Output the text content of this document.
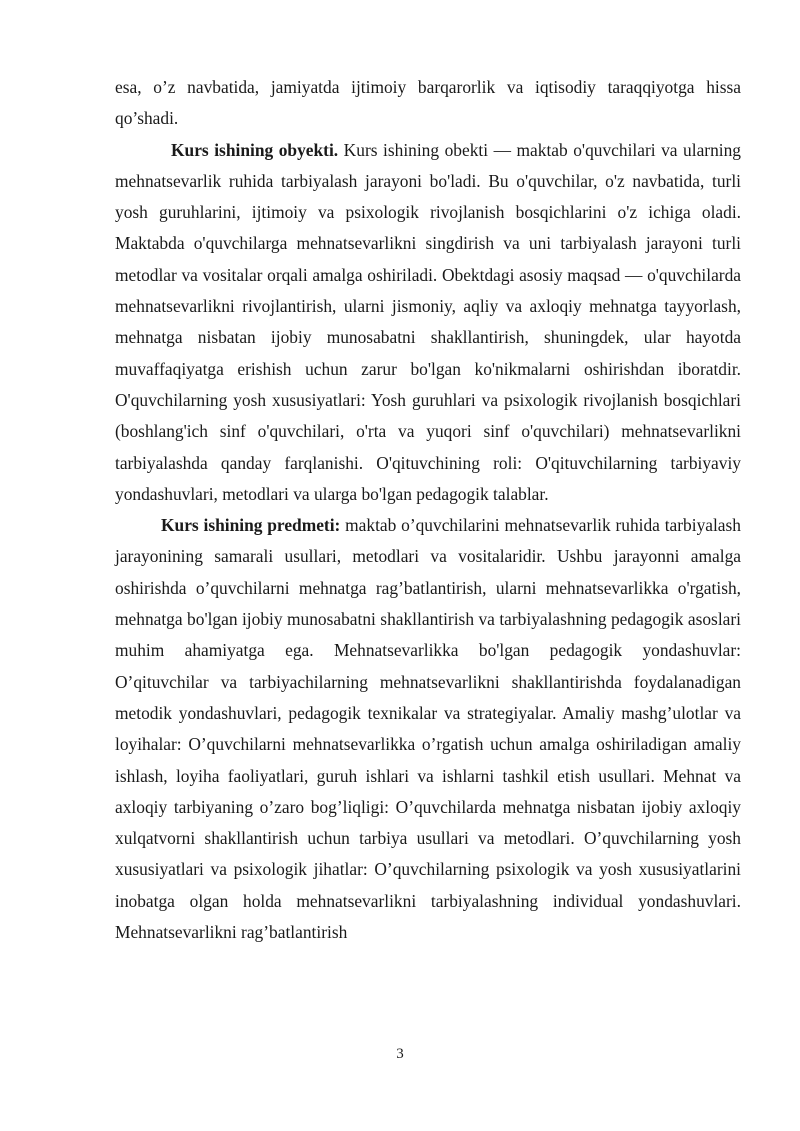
esa, o’z navbatida, jamiyatda ijtimoiy barqarorlik va iqtisodiy taraqqiyotga hissa qo’shadi.

Kurs ishining obyekti. Kurs ishining obekti — maktab o'quvchilari va ularning mehnatsevarlik ruhida tarbiyalash jarayoni bo'ladi. Bu o'quvchilar, o'z navbatida, turli yosh guruhlarini, ijtimoiy va psixologik rivojlanish bosqichlarini o'z ichiga oladi. Maktabda o'quvchilarga mehnatsevarlikni singdirish va uni tarbiyalash jarayoni turli metodlar va vositalar orqali amalga oshiriladi. Obektdagi asosiy maqsad — o'quvchilarda mehnatsevarlikni rivojlantirish, ularni jismoniy, aqliy va axloqiy mehnatga tayyorlash, mehnatga nisbatan ijobiy munosabatni shakllantirish, shuningdek, ular hayotda muvaffaqiyatga erishish uchun zarur bo'lgan ko'nikmalarni oshirishdan iboratdir. O'quvchilarning yosh xususiyatlari: Yosh guruhlari va psixologik rivojlanish bosqichlari (boshlang'ich sinf o'quvchilari, o'rta va yuqori sinf o'quvchilari) mehnatsevarlikni tarbiyalashda qanday farqlanishi. O'qituvchining roli: O'qituvchilarning tarbiyaviy yondashuvlari, metodlari va ularga bo'lgan pedagogik talablar.

Kurs ishining predmeti: maktab o’quvchilarini mehnatsevarlik ruhida tarbiyalash jarayonining samarali usullari, metodlari va vositalaridir. Ushbu jarayonni amalga oshirishda o’quvchilarni mehnatga rag’batlantirish, ularni mehnatsevarlikka o'rgatish, mehnatga bo'lgan ijobiy munosabatni shakllantirish va tarbiyalashning pedagogik asoslari muhim ahamiyatga ega. Mehnatsevarlikka bo'lgan pedagogik yondashuvlar: O’qituvchilar va tarbiyachilarning mehnatsevarlikni shakllantirishda foydalanadigan metodik yondashuvlari, pedagogik texnikalar va strategiyalar. Amaliy mashg’ulotlar va loyihalar: O’quvchilarni mehnatsevarlikka o’rgatish uchun amalga oshiriladigan amaliy ishlash, loyiha faoliyatlari, guruh ishlari va ishlarni tashkil etish usullari. Mehnat va axloqiy tarbiyaning o’zaro bog’liqligi: O’quvchilarda mehnatga nisbatan ijobiy axloqiy xulqatvorni shakllantirish uchun tarbiya usullari va metodlari. O’quvchilarning yosh xususiyatlari va psixologik jihatlar: O’quvchilarning psixologik va yosh xususiyatlarini inobatga olgan holda mehnatsevarlikni tarbiyalashning individual yondashuvlari. Mehnatsevarlikni rag’batlantirish

3
